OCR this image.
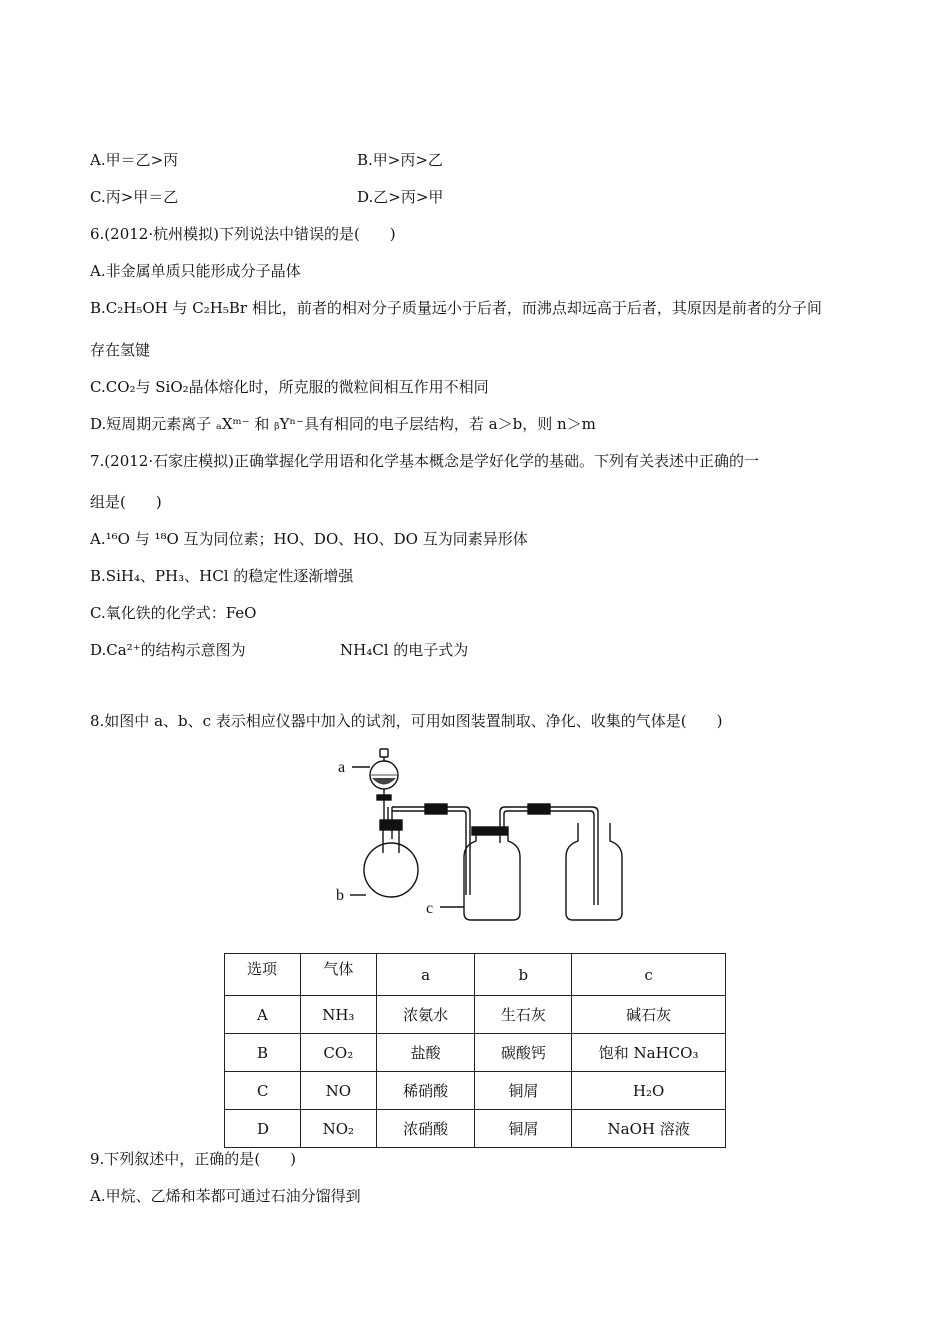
A.甲＝乙>丙	B.甲>丙>乙
C.丙>甲＝乙	D.乙>丙>甲
6.(2012·杭州模拟)下列说法中错误的是(　　)
A.非金属单质只能形成分子晶体
B.C₂H₅OH 与 C₂H₅Br 相比，前者的相对分子质量远小于后者，而沸点却远高于后者，其原因是前者的分子间
存在氢键
C.CO₂与 SiO₂晶体熔化时，所克服的微粒间相互作用不相同
D.短周期元素离子 ₐXᵐ⁻ 和 ᵦYⁿ⁻具有相同的电子层结构，若 a＞b，则 n＞m
7.(2012·石家庄模拟)正确掌握化学用语和化学基本概念是学好化学的基础。下列有关表述中正确的一
组是(　　)
A.¹⁶O 与 ¹⁸O 互为同位素；HO、DO、HO、DO 互为同素异形体
B.SiH₄、PH₃、HCl 的稳定性逐渐增强
C.氧化铁的化学式：FeO
D.Ca²⁺的结构示意图为	NH₄Cl 的电子式为
8.如图中 a、b、c 表示相应仪器中加入的试剂，可用如图装置制取、净化、收集的气体是(　　)
a
b
c
选项	气体	a	b	c
A	NH₃	浓氨水	生石灰	碱石灰
B	CO₂	盐酸	碳酸钙	饱和 NaHCO₃
C	NO	稀硝酸	铜屑	H₂O
D	NO₂	浓硝酸	铜屑	NaOH 溶液
9.下列叙述中，正确的是(　　)
A.甲烷、乙烯和苯都可通过石油分馏得到
